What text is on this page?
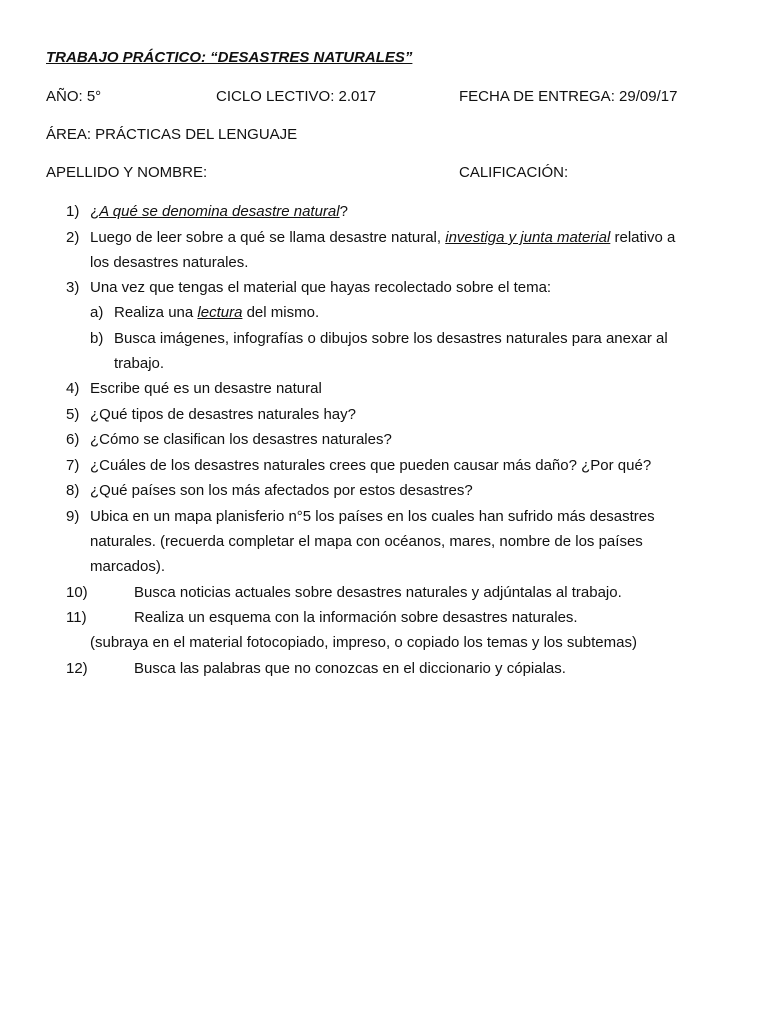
TRABAJO PRÁCTICO: “DESASTRES NATURALES”
AÑO: 5°	CICLO LECTIVO: 2.017	FECHA DE ENTREGA: 29/09/17
ÁREA: PRÁCTICAS DEL LENGUAJE
APELLIDO Y NOMBRE:	CALIFICACIÓN:
1) ¿A qué se denomina desastre natural?
2) Luego de leer sobre a qué se llama desastre natural, investiga y junta material relativo a
los desastres naturales.
3) Una vez que tengas el material que hayas recolectado sobre el tema:
a) Realiza una lectura del mismo.
b) Busca imágenes, infografías o dibujos sobre los desastres naturales para anexar al
trabajo.
4) Escribe qué es un desastre natural
5) ¿Qué tipos de desastres naturales hay?
6) ¿Cómo se clasifican los desastres naturales?
7) ¿Cuáles de los desastres naturales crees que pueden causar más daño? ¿Por qué?
8) ¿Qué países son los más afectados por estos desastres?
9) Ubica en un mapa planisferio n°5 los países en los cuales han sufrido más desastres
naturales. (recuerda completar el mapa con océanos, mares, nombre de los países
marcados).
10)	Busca noticias actuales sobre desastres naturales y adjúntalas al trabajo.
11)	Realiza un esquema con la información sobre desastres naturales.
(subraya en el material fotocopiado, impreso, o copiado los temas y los subtemas)
12)	Busca las palabras que no conozcas en el diccionario y cópialas.
